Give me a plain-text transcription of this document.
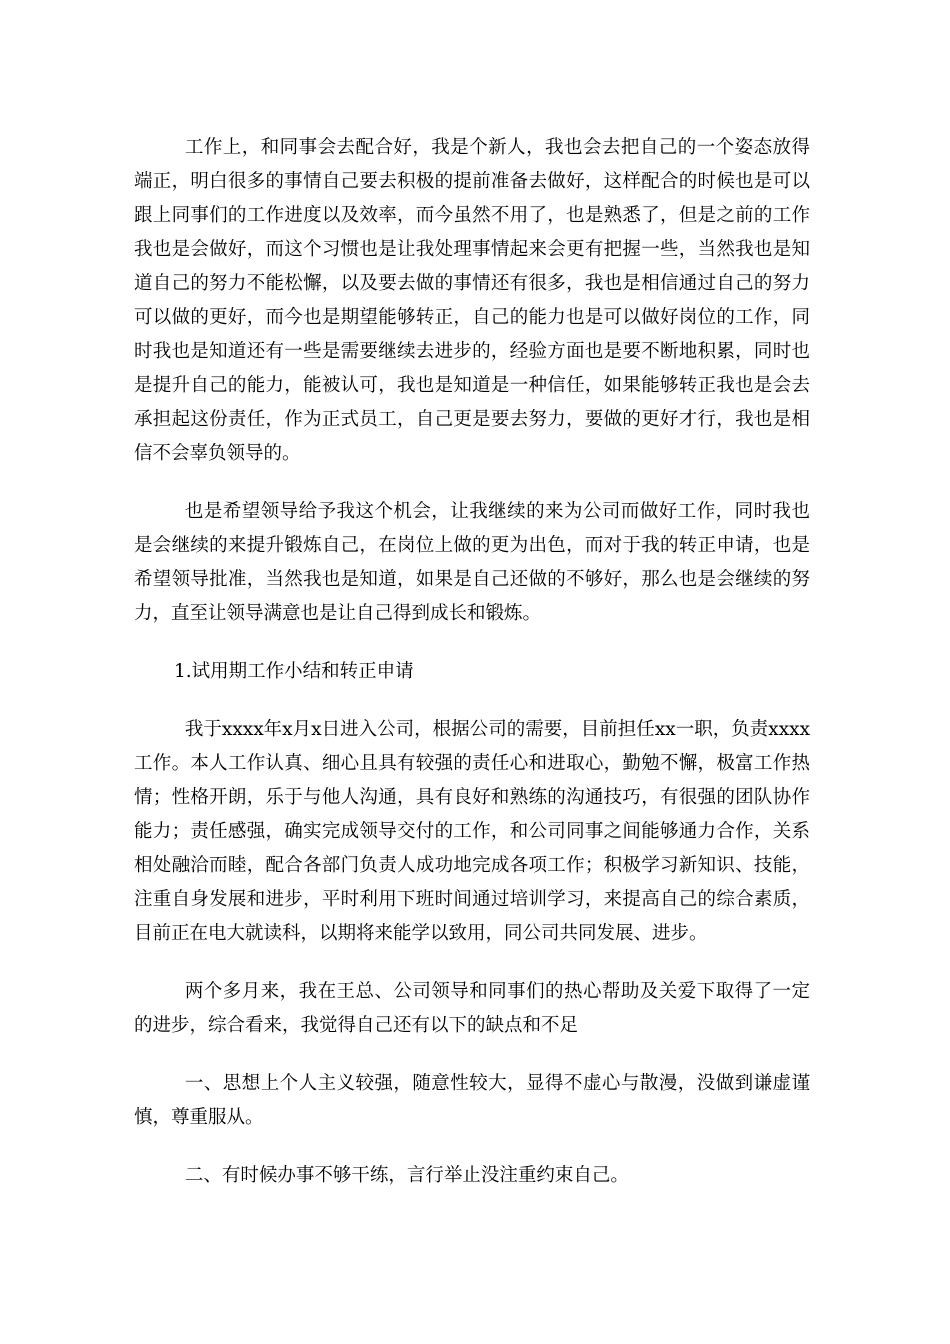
工作上，和同事会去配合好，我是个新人，我也会去把自己的一个姿态放得端正，明白很多的事情自己要去积极的提前准备去做好，这样配合的时候也是可以跟上同事们的工作进度以及效率，而今虽然不用了，也是熟悉了，但是之前的工作我也是会做好，而这个习惯也是让我处理事情起来会更有把握一些，当然我也是知道自己的努力不能松懈，以及要去做的事情还有很多，我也是相信通过自己的努力可以做的更好，而今也是期望能够转正，自己的能力也是可以做好岗位的工作，同时我也是知道还有一些是需要继续去进步的，经验方面也是要不断地积累，同时也是提升自己的能力，能被认可，我也是知道是一种信任，如果能够转正我也是会去承担起这份责任，作为正式员工，自己更是要去努力，要做的更好才行，我也是相信不会辜负领导的。

也是希望领导给予我这个机会，让我继续的来为公司而做好工作，同时我也是会继续的来提升锻炼自己，在岗位上做的更为出色，而对于我的转正申请，也是希望领导批准，当然我也是知道，如果是自己还做的不够好，那么也是会继续的努力，直至让领导满意也是让自己得到成长和锻炼。

1.试用期工作小结和转正申请

我于xxxx年x月x日进入公司，根据公司的需要，目前担任xx一职，负责xxxx工作。本人工作认真、细心且具有较强的责任心和进取心，勤勉不懈，极富工作热情；性格开朗，乐于与他人沟通，具有良好和熟练的沟通技巧，有很强的团队协作能力；责任感强，确实完成领导交付的工作，和公司同事之间能够通力合作，关系相处融洽而睦，配合各部门负责人成功地完成各项工作；积极学习新知识、技能，注重自身发展和进步，平时利用下班时间通过培训学习，来提高自己的综合素质，目前正在电大就读科，以期将来能学以致用，同公司共同发展、进步。

两个多月来，我在王总、公司领导和同事们的热心帮助及关爱下取得了一定的进步，综合看来，我觉得自己还有以下的缺点和不足

一、思想上个人主义较强，随意性较大，显得不虚心与散漫，没做到谦虚谨慎，尊重服从。

二、有时候办事不够干练，言行举止没注重约束自己。
